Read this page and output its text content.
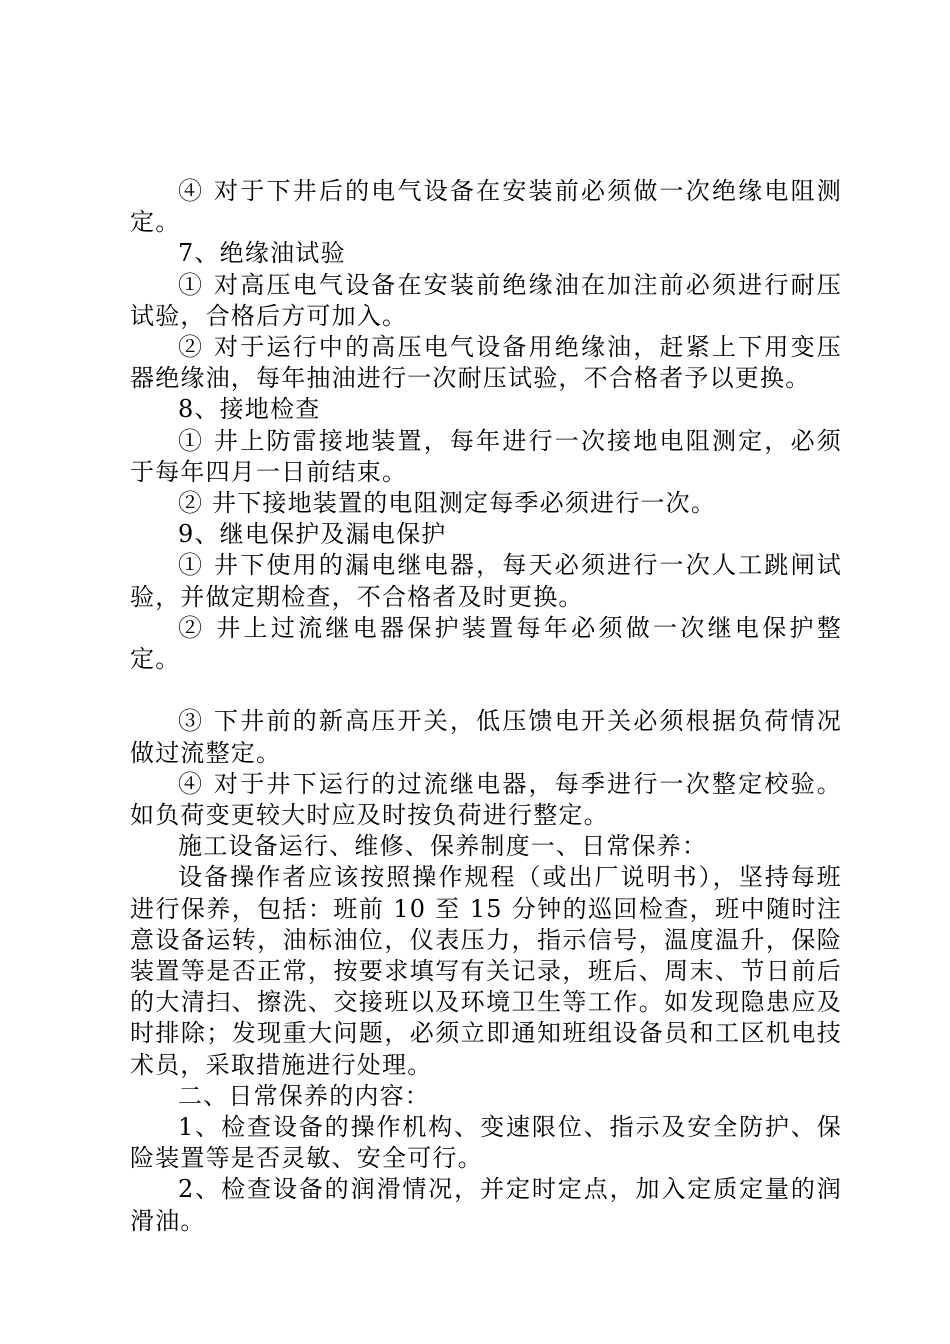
④ 对于下井后的电气设备在安装前必须做一次绝缘电阻测定。

7、绝缘油试验

① 对高压电气设备在安装前绝缘油在加注前必须进行耐压试验，合格后方可加入。

② 对于运行中的高压电气设备用绝缘油，赶紧上下用变压器绝缘油，每年抽油进行一次耐压试验，不合格者予以更换。

8、接地检查

① 井上防雷接地装置，每年进行一次接地电阻测定，必须于每年四月一日前结束。

② 井下接地装置的电阻测定每季必须进行一次。

9、继电保护及漏电保护

① 井下使用的漏电继电器，每天必须进行一次人工跳闸试验，并做定期检查，不合格者及时更换。

② 井上过流继电器保护装置每年必须做一次继电保护整定。

③ 下井前的新高压开关，低压馈电开关必须根据负荷情况做过流整定。

④ 对于井下运行的过流继电器，每季进行一次整定校验。如负荷变更较大时应及时按负荷进行整定。

施工设备运行、维修、保养制度一、日常保养：

设备操作者应该按照操作规程（或出厂说明书），坚持每班进行保养，包括：班前 10 至 15 分钟的巡回检查，班中随时注意设备运转，油标油位，仪表压力，指示信号，温度温升，保险装置等是否正常，按要求填写有关记录，班后、周末、节日前后的大清扫、擦洗、交接班以及环境卫生等工作。如发现隐患应及时排除；发现重大问题，必须立即通知班组设备员和工区机电技术员，采取措施进行处理。

二、日常保养的内容：

1、检查设备的操作机构、变速限位、指示及安全防护、保险装置等是否灵敏、安全可行。

2、检查设备的润滑情况，并定时定点，加入定质定量的润滑油。
